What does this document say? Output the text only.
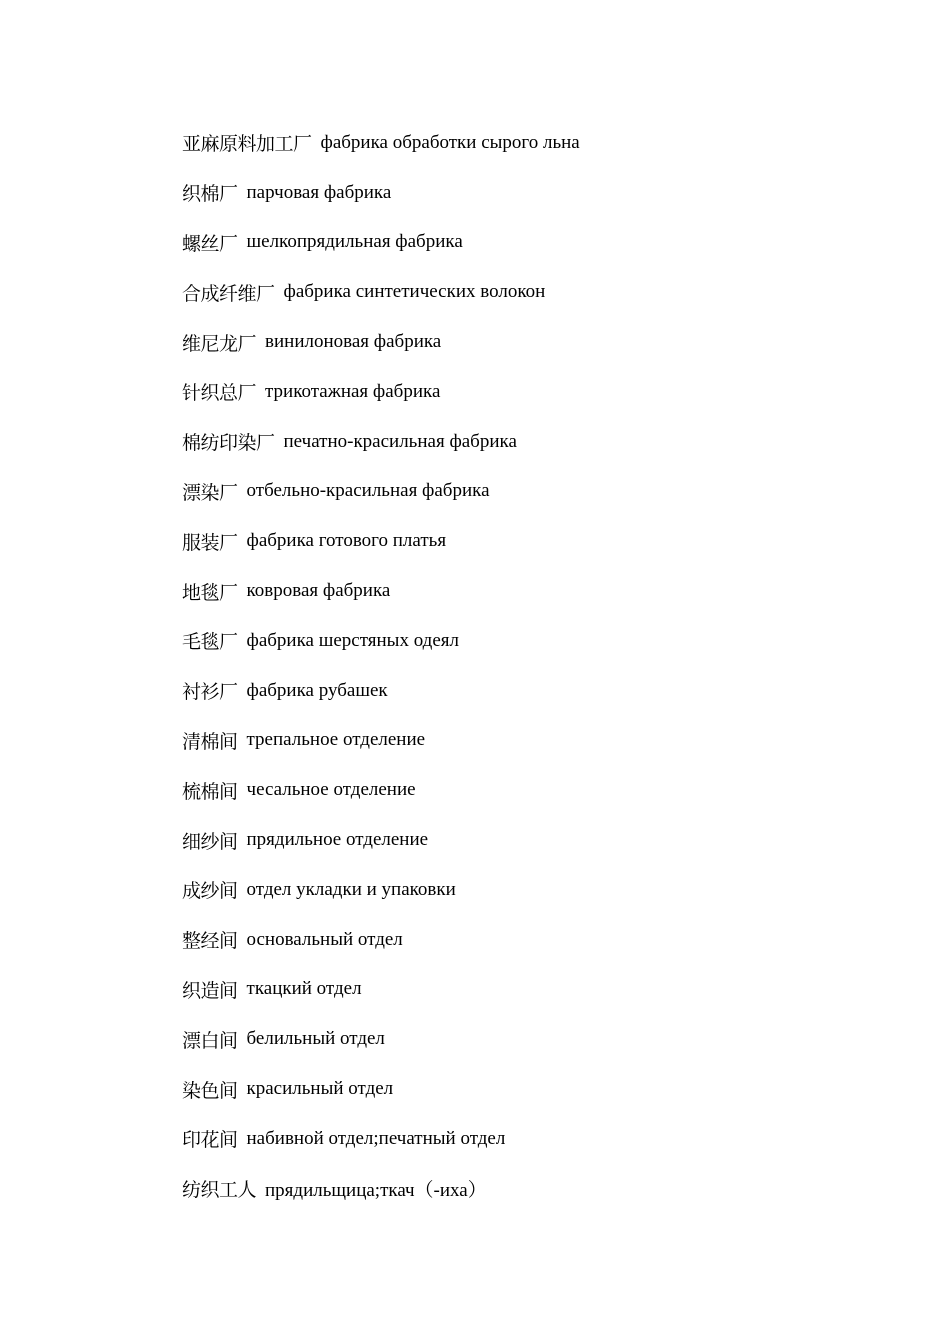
亚麻原料加工厂 фабрика обработки сырого льна
织棉厂 парчовая фабрика
螺丝厂 шелкопрядильная фабрика
合成纤维厂 фабрика синтетических волокон
维尼龙厂 винилоновая фабрика
针织总厂 трикотажная фабрика
棉纺印染厂 печатно-красильная фабрика
漂染厂 отбельно-красильная фабрика
服装厂 фабрика готового платья
地毯厂 ковровая фабрика
毛毯厂 фабрика шерстяных одеял
衬衫厂 фабрика рубашек
清棉间 трепальное отделение
梳棉间 чесальное отделение
细纱间 прядильное отделение
成纱间 отдел укладки и упаковки
整经间 основальный отдел
织造间 ткацкий отдел
漂白间 белильный отдел
染色间 красильный отдел
印花间 набивной отдел;печатный отдел
纺织工人 прядильщица;ткач（-иха）
